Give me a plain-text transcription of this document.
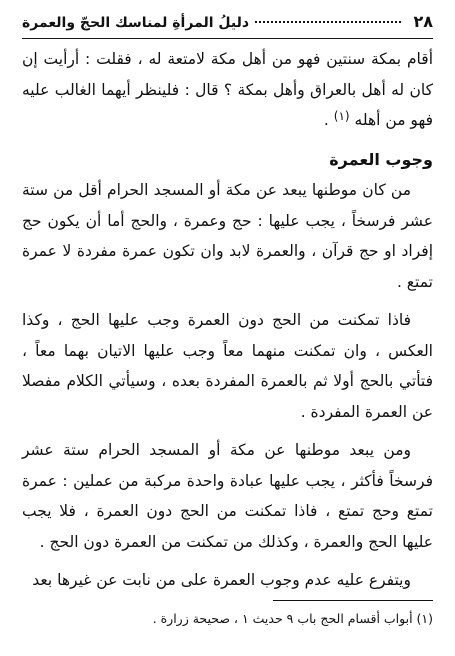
٢٨
دليلُ المرأةِ لمناسك الحجّ والعمرة

أقام بمكة سنتين فهو من أهل مكة لامتعة له ، فقلت : أرأيت إن كان له أهل بالعراق وأهل بمكة ؟ قال : فلينظر أيهما الغالب عليه فهو من أهله $^{(١)}$ .

وجوب العمرة

من كان موطنها يبعد عن مكة أو المسجد الحرام أقل من ستة عشر فرسخاً ، يجب عليها : حج وعمرة ، والحج أما أن يكون حج إفراد او حج قرآن ، والعمرة لابد وان تكون عمرة مفردة لا عمرة تمتع .

فاذا تمكنت من الحج دون العمرة وجب عليها الحج ، وكذا العكس ، وان تمكنت منهما معاً وجب عليها الاتيان بهما معاً ، فتأتي بالحج أولا ثم بالعمرة المفردة بعده ، وسيأتي الكلام مفصلا عن العمرة المفردة .

ومن يبعد موطنها عن مكة أو المسجد الحرام ستة عشر فرسخاً فأكثر ، يجب عليها عبادة واحدة مركبة من عملين : عمرة تمتع وحج تمتع ، فاذا تمكنت من الحج دون العمرة ، فلا يجب عليها الحج والعمرة ، وكذلك من تمكنت من العمرة دون الحج .

ويتفرع عليه عدم وجوب العمرة على من نابت عن غيرها بعد

(١) أبواب أقسام الحج باب ٩ حديث ١ ، صحيحة زرارة .
